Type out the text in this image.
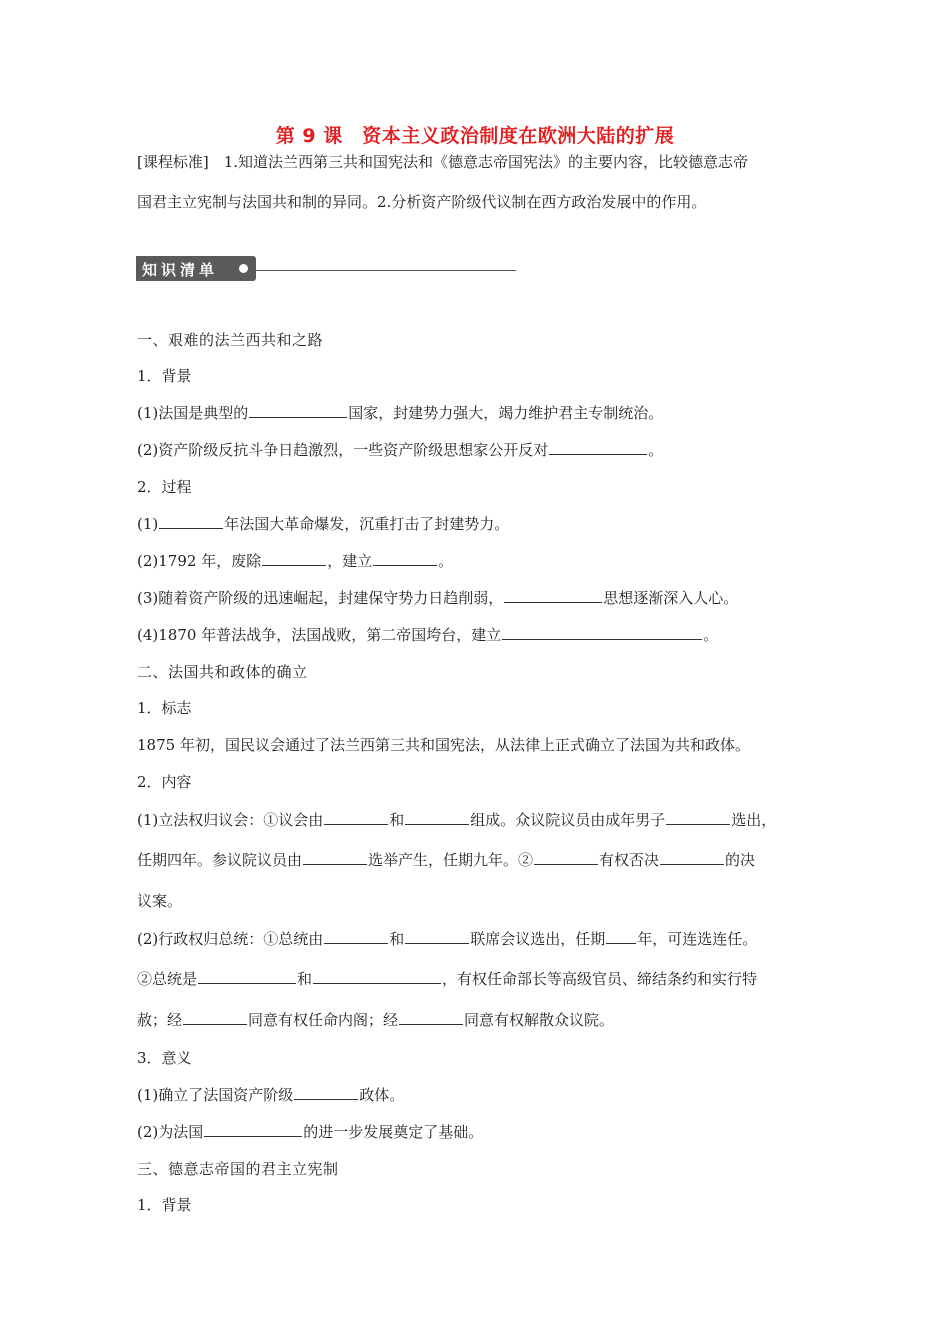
第 9 课　资本主义政治制度在欧洲大陆的扩展
[课程标准]　1.知道法兰西第三共和国宪法和《德意志帝国宪法》的主要内容，比较德意志帝
国君主立宪制与法国共和制的异同。2.分析资产阶级代议制在西方政治发展中的作用。
知识清单
一、艰难的法兰西共和之路
1．背景
(1)法国是典型的	国家，封建势力强大，竭力维护君主专制统治。
(2)资产阶级反抗斗争日趋激烈，一些资产阶级思想家公开反对	。
2．过程
(1)	年法国大革命爆发，沉重打击了封建势力。
(2)1792 年，废除	，建立	。
(3)随着资产阶级的迅速崛起，封建保守势力日趋削弱，	思想逐渐深入人心。
(4)1870 年普法战争，法国战败，第二帝国垮台，建立	。
二、法国共和政体的确立
1．标志
1875 年初，国民议会通过了法兰西第三共和国宪法，从法律上正式确立了法国为共和政体。
2．内容
(1)立法权归议会：①议会由	和	组成。众议院议员由成年男子	选出，
任期四年。参议院议员由	选举产生，任期九年。②	有权否决	的决
议案。
(2)行政权归总统：①总统由	和	联席会议选出，任期 年，可连选连任。
②总统是	和	，有权任命部长等高级官员、缔结条约和实行特
赦；经	同意有权任命内阁；经	同意有权解散众议院。
3．意义
(1)确立了法国资产阶级	政体。
(2)为法国	的进一步发展奠定了基础。
三、德意志帝国的君主立宪制
1．背景
